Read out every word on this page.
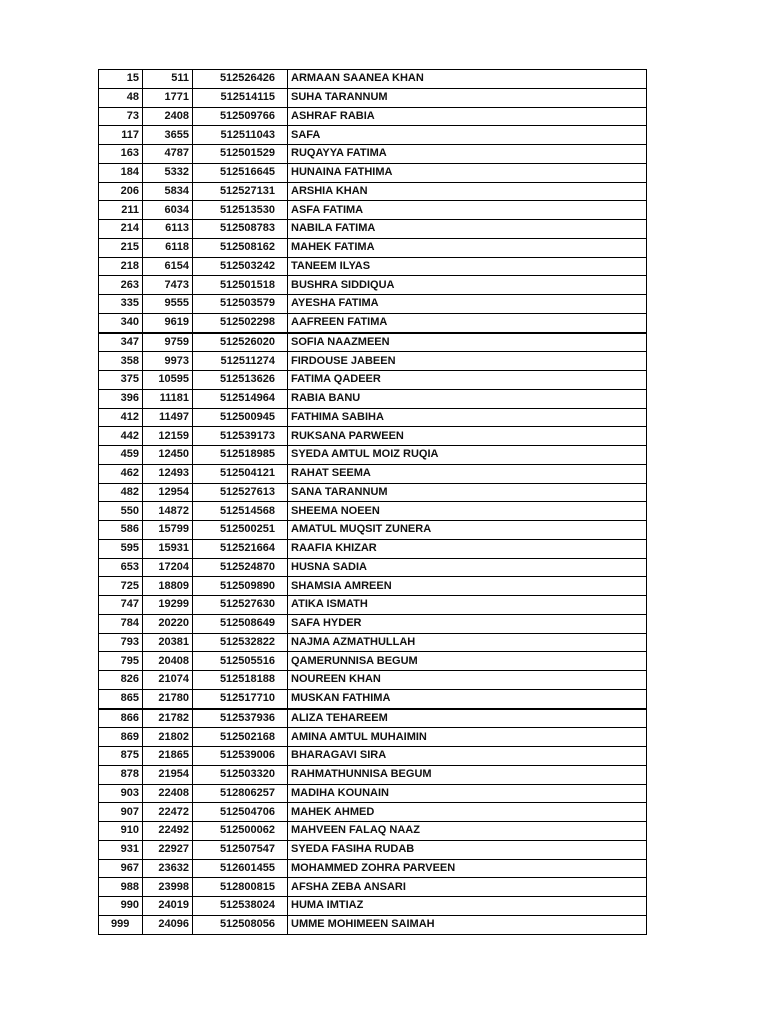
15	511	512526426	ARMAAN SAANEA KHAN
48	1771	512514115	SUHA TARANNUM
73	2408	512509766	ASHRAF RABIA
117	3655	512511043	SAFA
163	4787	512501529	RUQAYYA FATIMA
184	5332	512516645	HUNAINA FATHIMA
206	5834	512527131	ARSHIA KHAN
211	6034	512513530	ASFA FATIMA
214	6113	512508783	NABILA FATIMA
215	6118	512508162	MAHEK FATIMA
218	6154	512503242	TANEEM ILYAS
263	7473	512501518	BUSHRA SIDDIQUA
335	9555	512503579	AYESHA FATIMA
340	9619	512502298	AAFREEN FATIMA
347	9759	512526020	SOFIA NAAZMEEN
358	9973	512511274	FIRDOUSE JABEEN
375	10595	512513626	FATIMA QADEER
396	11181	512514964	RABIA BANU
412	11497	512500945	FATHIMA SABIHA
442	12159	512539173	RUKSANA PARWEEN
459	12450	512518985	SYEDA AMTUL MOIZ RUQIA
462	12493	512504121	RAHAT SEEMA
482	12954	512527613	SANA TARANNUM
550	14872	512514568	SHEEMA NOEEN
586	15799	512500251	AMATUL MUQSIT ZUNERA
595	15931	512521664	RAAFIA KHIZAR
653	17204	512524870	HUSNA SADIA
725	18809	512509890	SHAMSIA AMREEN
747	19299	512527630	ATIKA ISMATH
784	20220	512508649	SAFA HYDER
793	20381	512532822	NAJMA AZMATHULLAH
795	20408	512505516	QAMERUNNISA BEGUM
826	21074	512518188	NOUREEN KHAN
865	21780	512517710	MUSKAN FATHIMA
866	21782	512537936	ALIZA TEHAREEM
869	21802	512502168	AMINA AMTUL MUHAIMIN
875	21865	512539006	BHARAGAVI SIRA
878	21954	512503320	RAHMATHUNNISA BEGUM
903	22408	512806257	MADIHA KOUNAIN
907	22472	512504706	MAHEK AHMED
910	22492	512500062	MAHVEEN FALAQ NAAZ
931	22927	512507547	SYEDA FASIHA RUDAB
967	23632	512601455	MOHAMMED ZOHRA PARVEEN
988	23998	512800815	AFSHA ZEBA ANSARI
990	24019	512538024	HUMA IMTIAZ
999	24096	512508056	UMME MOHIMEEN SAIMAH
